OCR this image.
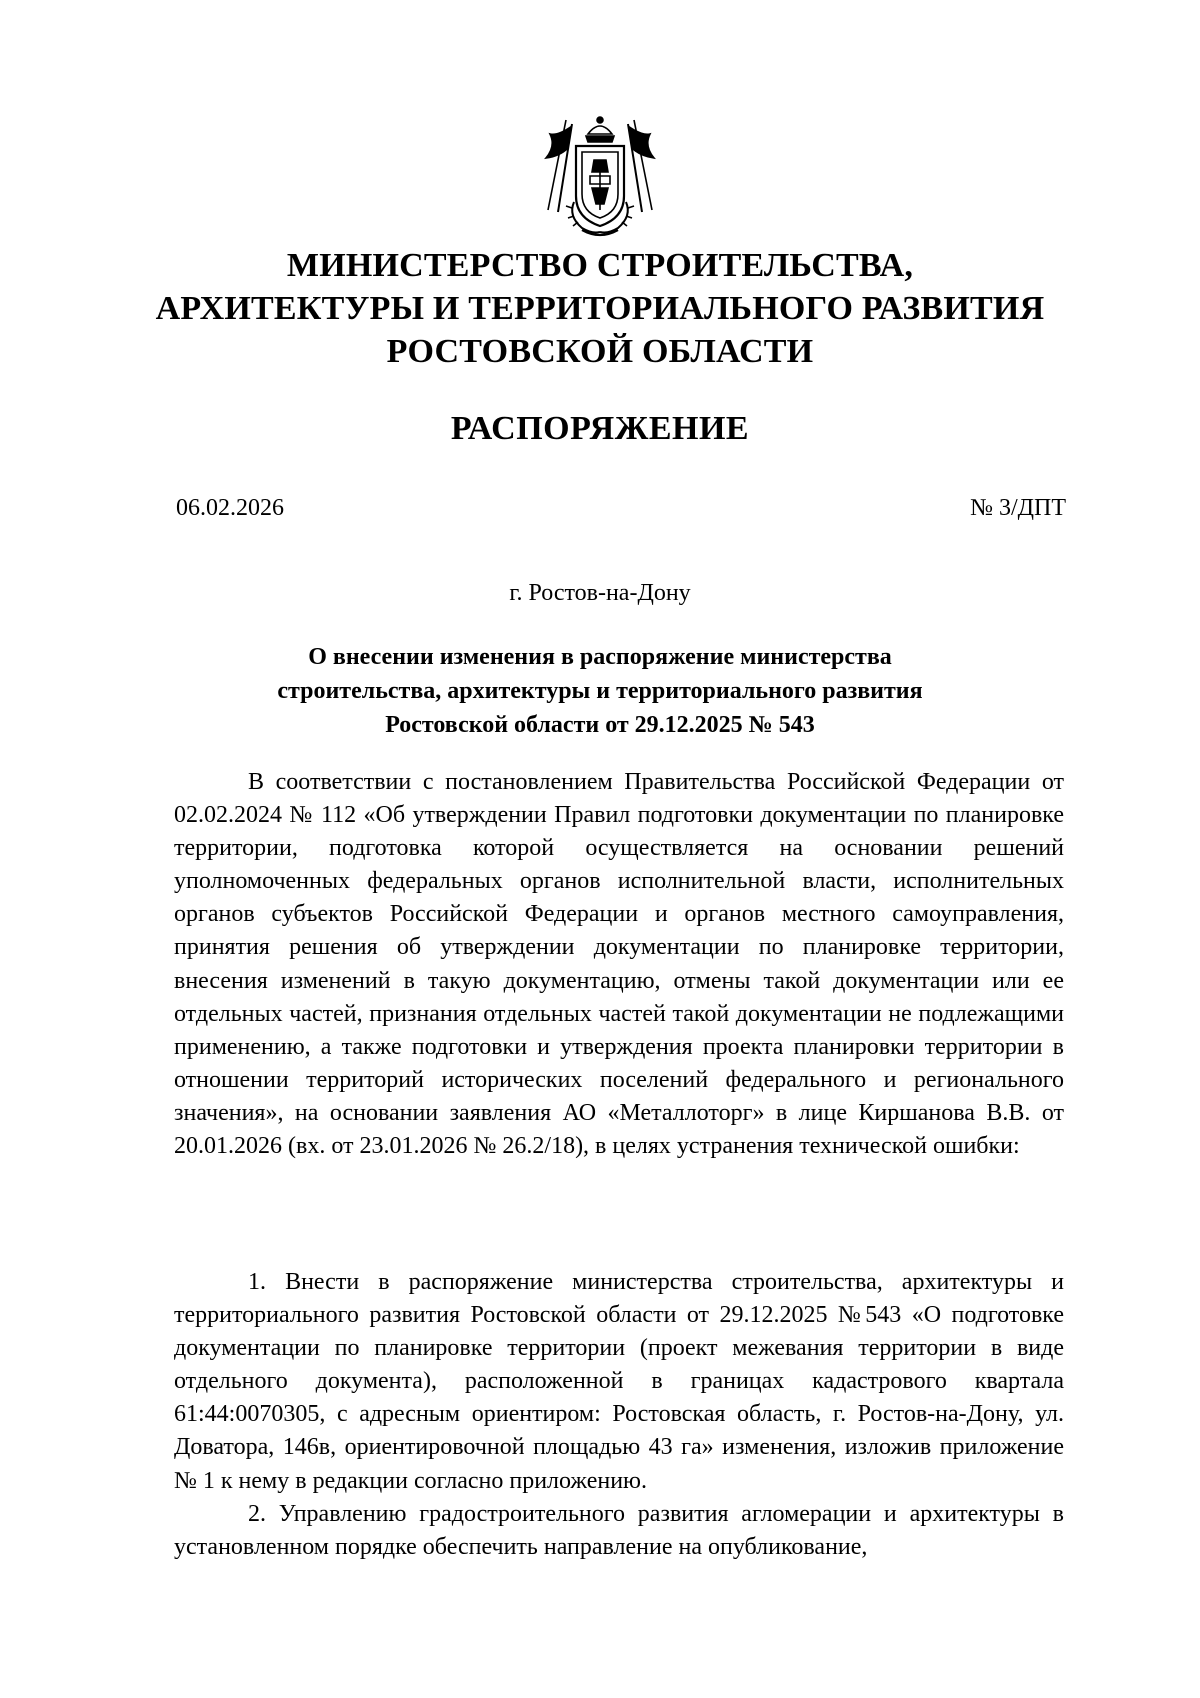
МИНИСТЕРСТВО СТРОИТЕЛЬСТВА,
АРХИТЕКТУРЫ И ТЕРРИТОРИАЛЬНОГО РАЗВИТИЯ
РОСТОВСКОЙ ОБЛАСТИ
РАСПОРЯЖЕНИЕ
06.02.2026	№ 3/ДПТ
г. Ростов-на-Дону
О внесении изменения в распоряжение министерства
строительства, архитектуры и территориального развития
Ростовской области от 29.12.2025 № 543

В соответствии с постановлением Правительства Российской Федерации от 02.02.2024 № 112 «Об утверждении Правил подготовки документации по планировке территории, подготовка которой осуществляется на основании решений уполномоченных федеральных органов исполнительной власти, исполнительных органов субъектов Российской Федерации и органов местного самоуправления, принятия решения об утверждении документации по планировке территории, внесения изменений в такую документацию, отмены такой документации или ее отдельных частей, признания отдельных частей такой документации не подлежащими применению, а также подготовки и утверждения проекта планировки территории в отношении территорий исторических поселений федерального и регионального значения», на основании заявления АО «Металлоторг» в лице Киршанова В.В. от 20.01.2026 (вх. от 23.01.2026 № 26.2/18), в целях устранения технической ошибки:

1. Внести в распоряжение министерства строительства, архитектуры и территориального развития Ростовской области от 29.12.2025 №543 «О подготовке документации по планировке территории (проект межевания территории в виде отдельного документа), расположенной в границах кадастрового квартала 61:44:0070305, с адресным ориентиром: Ростовская область, г. Ростов-на-Дону, ул. Доватора, 146в, ориентировочной площадью 43 га» изменения, изложив приложение № 1 к нему в редакции согласно приложению.

2. Управлению градостроительного развития агломерации и архитектуры в установленном порядке обеспечить направление на опубликование,
